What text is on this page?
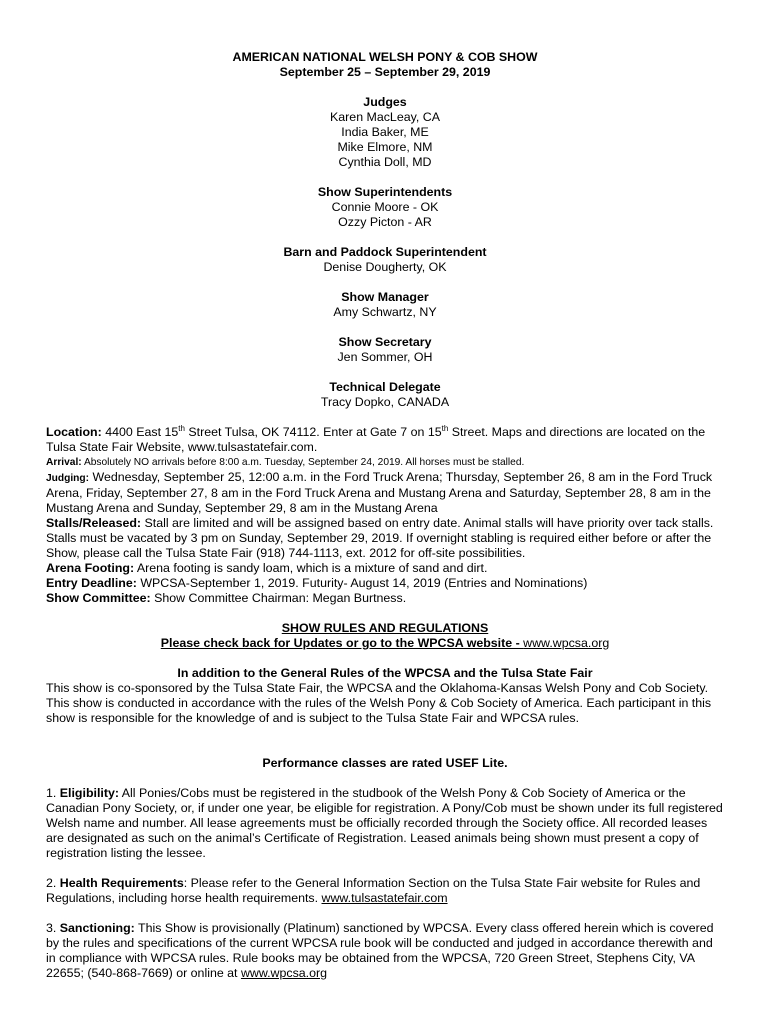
AMERICAN NATIONAL WELSH PONY & COB SHOW
September 25 – September 29, 2019
Judges
Karen MacLeay, CA
India Baker, ME
Mike Elmore, NM
Cynthia Doll, MD
Show Superintendents
Connie Moore - OK
Ozzy Picton - AR
Barn and Paddock Superintendent
Denise Dougherty, OK
Show Manager
Amy Schwartz, NY
Show Secretary
Jen Sommer, OH
Technical Delegate
Tracy Dopko, CANADA

Location: 4400 East 15th Street Tulsa, OK 74112. Enter at Gate 7 on 15th Street. Maps and directions are located on the Tulsa State Fair Website, www.tulsastatefair.com.

Arrival: Absolutely NO arrivals before 8:00 a.m. Tuesday, September 24, 2019. All horses must be stalled.

Judging: Wednesday, September 25, 12:00 a.m. in the Ford Truck Arena; Thursday, September 26, 8 am in the Ford Truck Arena, Friday, September 27, 8 am in the Ford Truck Arena and Mustang Arena and Saturday, September 28, 8 am in the Mustang Arena and Sunday, September 29, 8 am in the Mustang Arena

Stalls/Released: Stall are limited and will be assigned based on entry date. Animal stalls will have priority over tack stalls. Stalls must be vacated by 3 pm on Sunday, September 29, 2019. If overnight stabling is required either before or after the Show, please call the Tulsa State Fair (918) 744-1113, ext. 2012 for off-site possibilities.

Arena Footing: Arena footing is sandy loam, which is a mixture of sand and dirt.

Entry Deadline: WPCSA-September 1, 2019. Futurity- August 14, 2019 (Entries and Nominations)

Show Committee: Show Committee Chairman: Megan Burtness.

SHOW RULES AND REGULATIONS
Please check back for Updates or go to the WPCSA website - www.wpcsa.org
In addition to the General Rules of the WPCSA and the Tulsa State Fair

This show is co-sponsored by the Tulsa State Fair, the WPCSA and the Oklahoma-Kansas Welsh Pony and Cob Society. This show is conducted in accordance with the rules of the Welsh Pony & Cob Society of America. Each participant in this show is responsible for the knowledge of and is subject to the Tulsa State Fair and WPCSA rules.

Performance classes are rated USEF Lite.

1. Eligibility: All Ponies/Cobs must be registered in the studbook of the Welsh Pony & Cob Society of America or the Canadian Pony Society, or, if under one year, be eligible for registration. A Pony/Cob must be shown under its full registered Welsh name and number. All lease agreements must be officially recorded through the Society office. All recorded leases are designated as such on the animal’s Certificate of Registration. Leased animals being shown must present a copy of registration listing the lessee.

2. Health Requirements: Please refer to the General Information Section on the Tulsa State Fair website for Rules and Regulations, including horse health requirements. www.tulsastatefair.com

3. Sanctioning: This Show is provisionally (Platinum) sanctioned by WPCSA. Every class offered herein which is covered by the rules and specifications of the current WPCSA rule book will be conducted and judged in accordance therewith and in compliance with WPCSA rules. Rule books may be obtained from the WPCSA, 720 Green Street, Stephens City, VA 22655; (540-868-7669) or online at www.wpcsa.org
